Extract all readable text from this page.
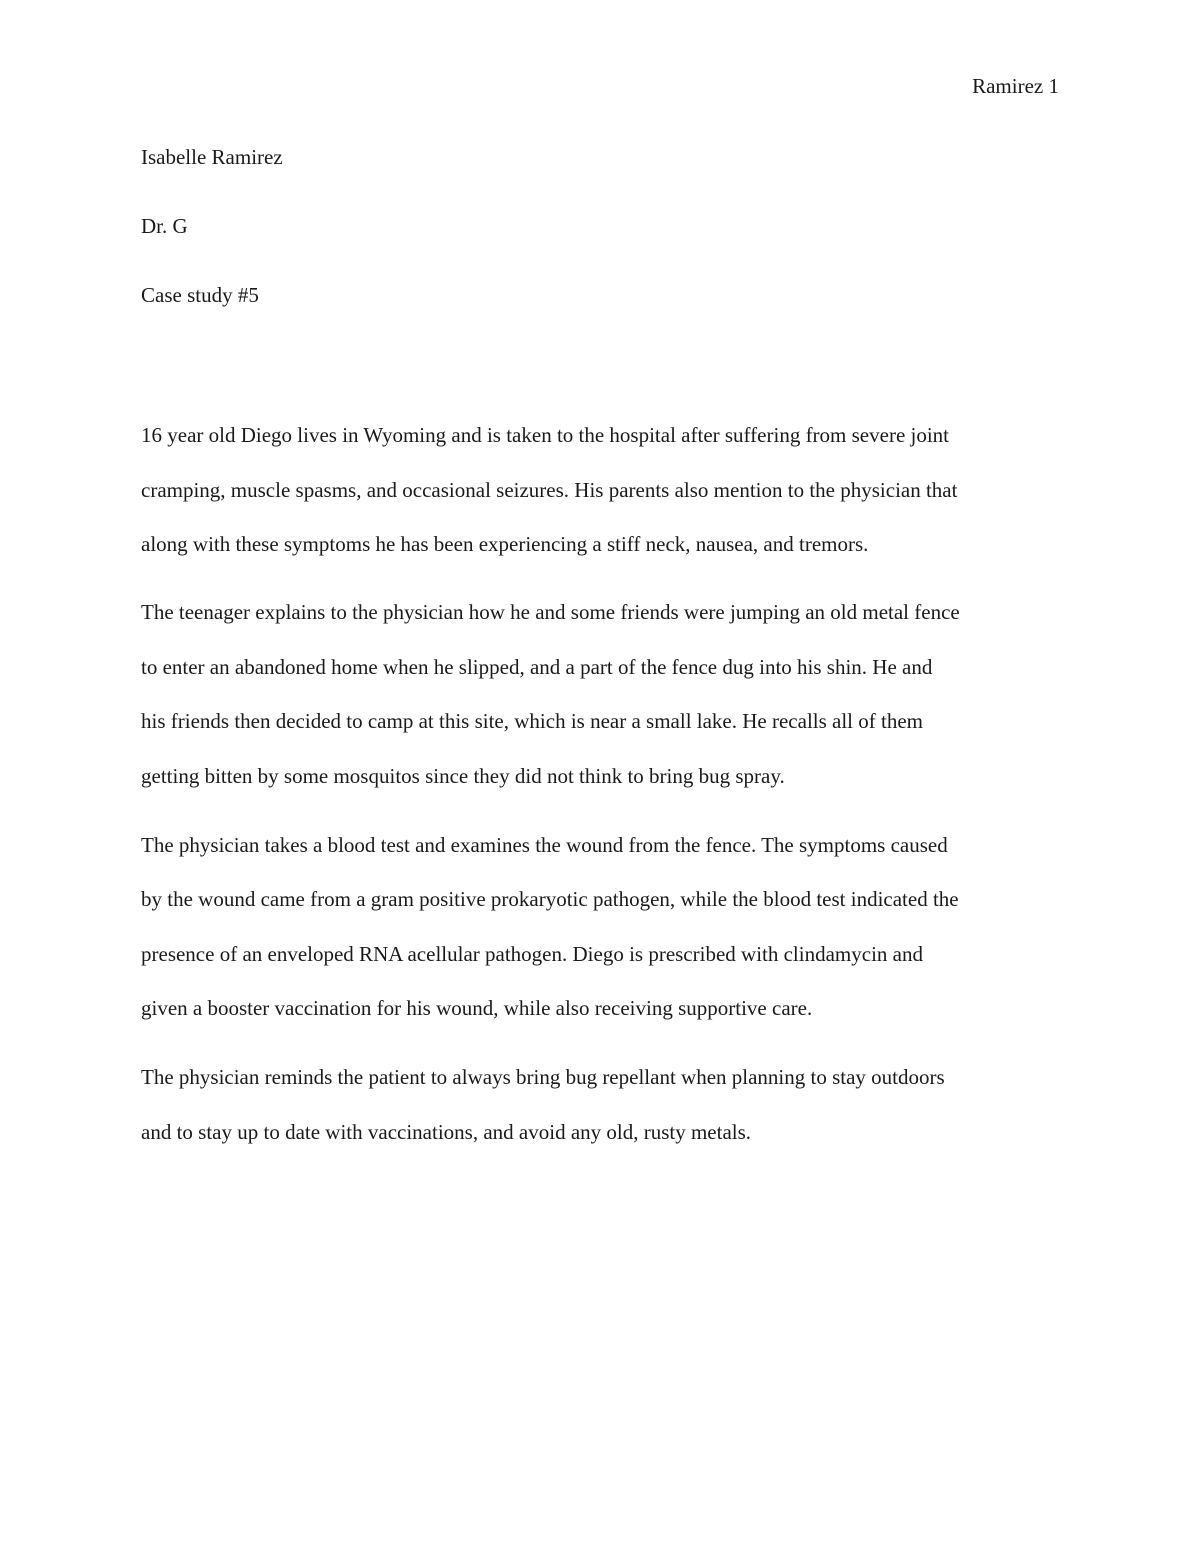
Ramirez 1
Isabelle Ramirez
Dr. G
Case study #5
16 year old Diego lives in Wyoming and is taken to the hospital after suffering from severe joint
cramping, muscle spasms, and occasional seizures. His parents also mention to the physician that
along with these symptoms he has been experiencing a stiff neck, nausea, and tremors.
The teenager explains to the physician how he and some friends were jumping an old metal fence
to enter an abandoned home when he slipped, and a part of the fence dug into his shin. He and
his friends then decided to camp at this site, which is near a small lake. He recalls all of them
getting bitten by some mosquitos since they did not think to bring bug spray.
The physician takes a blood test and examines the wound from the fence. The symptoms caused
by the wound came from a gram positive prokaryotic pathogen, while the blood test indicated the
presence of an enveloped RNA acellular pathogen. Diego is prescribed with clindamycin and
given a booster vaccination for his wound, while also receiving supportive care.
The physician reminds the patient to always bring bug repellant when planning to stay outdoors
and to stay up to date with vaccinations, and avoid any old, rusty metals.
